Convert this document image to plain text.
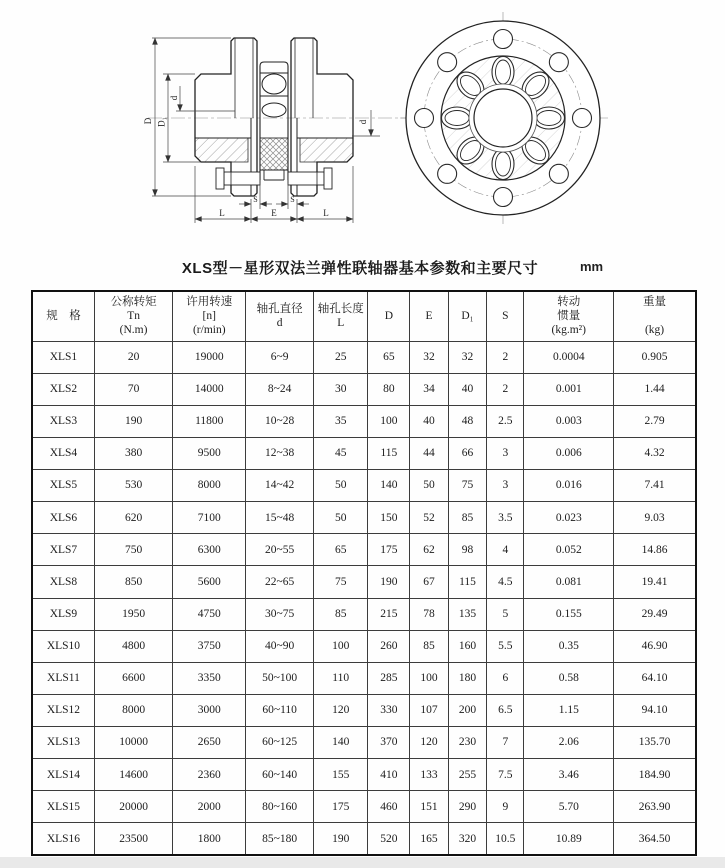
D D₁
d
d
S	S
L	E	L
XLS型－星形双法兰弹性联轴器基本参数和主要尺寸	mm
规　格	公称转矩
Tn
(N.m)	许用转速
[n]
(r/min)	轴孔直径
d	轴孔长度
L	D	E	D₁	S	转动
惯量
(kg.m²)	重量

(kg)
XLS1	20	19000	6~9	25	65	32	32	2	0.0004	0.905
XLS2	70	14000	8~24	30	80	34	40	2	0.001	1.44
XLS3	190	11800	10~28	35	100	40	48	2.5	0.003	2.79
XLS4	380	9500	12~38	45	115	44	66	3	0.006	4.32
XLS5	530	8000	14~42	50	140	50	75	3	0.016	7.41
XLS6	620	7100	15~48	50	150	52	85	3.5	0.023	9.03
XLS7	750	6300	20~55	65	175	62	98	4	0.052	14.86
XLS8	850	5600	22~65	75	190	67	115	4.5	0.081	19.41
XLS9	1950	4750	30~75	85	215	78	135	5	0.155	29.49
XLS10	4800	3750	40~90	100	260	85	160	5.5	0.35	46.90
XLS11	6600	3350	50~100	110	285	100	180	6	0.58	64.10
XLS12	8000	3000	60~110	120	330	107	200	6.5	1.15	94.10
XLS13	10000	2650	60~125	140	370	120	230	7	2.06	135.70
XLS14	14600	2360	60~140	155	410	133	255	7.5	3.46	184.90
XLS15	20000	2000	80~160	175	460	151	290	9	5.70	263.90
XLS16	23500	1800	85~180	190	520	165	320	10.5	10.89	364.50
